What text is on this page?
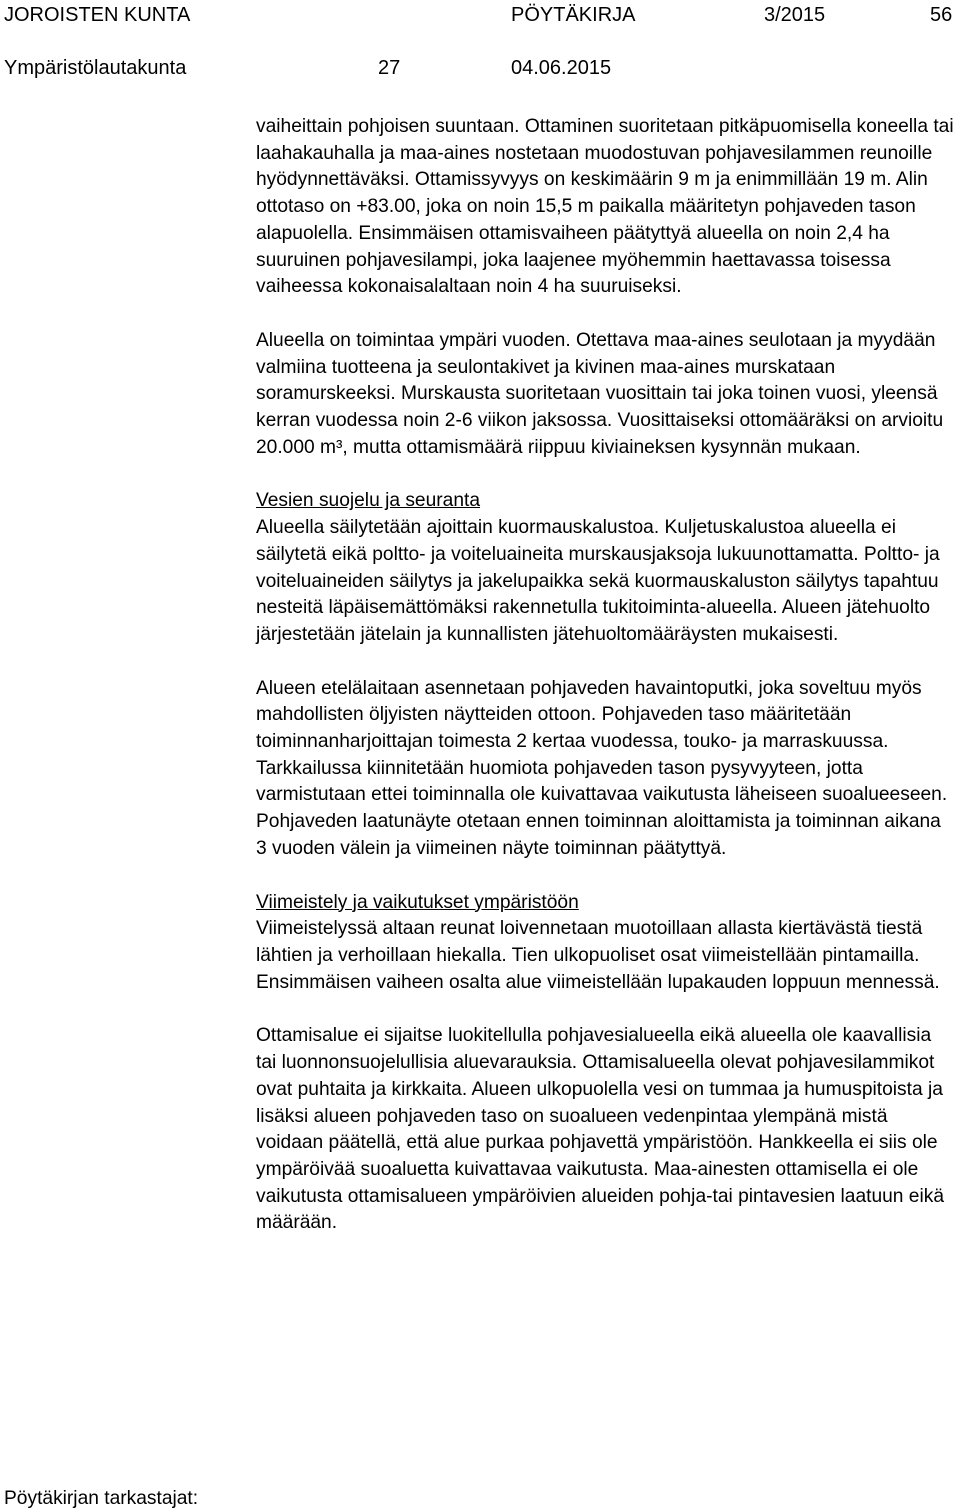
JOROISTEN KUNTA	PÖYTÄKIRJA	3/2015	56
Ympäristölautakunta	27	04.06.2015

vaiheittain pohjoisen suuntaan. Ottaminen suoritetaan pitkäpuomisella koneella tai laahakauhalla ja maa-aines nostetaan muodostuvan pohjavesilammen reunoille hyödynnettäväksi. Ottamissyvyys on keskimäärin 9 m ja enimmillään 19 m. Alin ottotaso on +83.00, joka on noin 15,5 m paikalla määritetyn pohjaveden tason alapuolella. Ensimmäisen ottamisvaiheen päätyttyä alueella on noin 2,4 ha suuruinen pohjavesilampi, joka laajenee myöhemmin haettavassa toisessa vaiheessa kokonaisalaltaan noin 4 ha suuruiseksi.

Alueella on toimintaa ympäri vuoden. Otettava maa-aines seulotaan ja myydään valmiina tuotteena ja seulontakivet ja kivinen maa-aines murskataan soramurskeeksi. Murskausta suoritetaan vuosittain tai joka toinen vuosi, yleensä kerran vuodessa noin 2-6 viikon jaksossa. Vuosittaiseksi ottomääräksi on arvioitu 20.000 m³, mutta ottamismäärä riippuu kiviaineksen kysynnän mukaan.

Vesien suojelu ja seuranta

Alueella säilytetään ajoittain kuormauskalustoa. Kuljetuskalustoa alueella ei säilytetä eikä poltto- ja voiteluaineita murskausjaksoja lukuunottamatta. Poltto- ja voiteluaineiden säilytys ja jakelupaikka sekä kuormauskaluston säilytys tapahtuu nesteitä läpäisemättömäksi rakennetulla tukitoiminta-alueella. Alueen jätehuolto järjestetään jätelain ja kunnallisten jätehuoltomääräysten mukaisesti.

Alueen etelälaitaan asennetaan pohjaveden havaintoputki, joka soveltuu myös mahdollisten öljyisten näytteiden ottoon. Pohjaveden taso määritetään toiminnanharjoittajan toimesta 2 kertaa vuodessa, touko- ja marraskuussa. Tarkkailussa kiinnitetään huomiota pohjaveden tason pysyvyyteen, jotta varmistutaan ettei toiminnalla ole kuivattavaa vaikutusta läheiseen suoalueeseen. Pohjaveden laatunäyte otetaan ennen toiminnan aloittamista ja toiminnan aikana 3 vuoden välein ja viimeinen näyte toiminnan päätyttyä.

Viimeistely ja vaikutukset ympäristöön

Viimeistelyssä altaan reunat loivennetaan muotoillaan allasta kiertävästä tiestä lähtien ja verhoillaan hiekalla. Tien ulkopuoliset osat viimeistellään pintamailla. Ensimmäisen vaiheen osalta alue viimeistellään lupakauden loppuun mennessä.

Ottamisalue ei sijaitse luokitellulla pohjavesialueella eikä alueella ole kaavallisia tai luonnonsuojelullisia aluevarauksia. Ottamisalueella olevat pohjavesilammikot ovat puhtaita ja kirkkaita. Alueen ulkopuolella vesi on tummaa ja humuspitoista ja lisäksi alueen pohjaveden taso on suoalueen vedenpintaa ylempänä mistä voidaan päätellä, että alue purkaa pohjavettä ympäristöön. Hankkeella ei siis ole ympäröivää suoaluetta kuivattavaa vaikutusta. Maa-ainesten ottamisella ei ole vaikutusta ottamisalueen ympäröivien alueiden pohja-tai pintavesien laatuun eikä määrään.

Pöytäkirjan tarkastajat:
